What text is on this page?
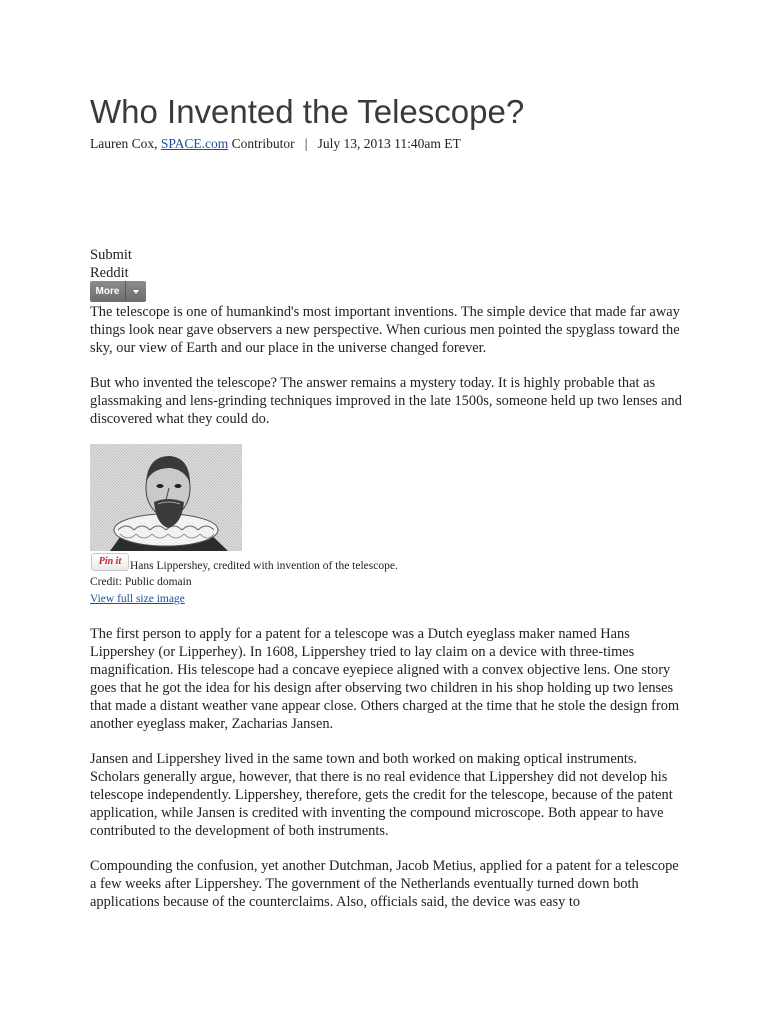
Who Invented the Telescope?
Lauren Cox, SPACE.com Contributor   |   July 13, 2013 11:40am ET
Submit
Reddit
More

The telescope is one of humankind's most important inventions. The simple device that made far away things look near gave observers a new perspective. When curious men pointed the spyglass toward the sky, our view of Earth and our place in the universe changed forever.

But who invented the telescope? The answer remains a mystery today. It is highly probable that as glassmaking and lens-grinding techniques improved in the late 1500s, someone held up two lenses and discovered what they could do.

Pin it Hans Lippershey, credited with invention of the telescope.
Credit: Public domain
View full size image

The first person to apply for a patent for a telescope was a Dutch eyeglass maker named Hans Lippershey (or Lipperhey). In 1608, Lippershey tried to lay claim on a device with three-times magnification. His telescope had a concave eyepiece aligned with a convex objective lens. One story goes that he got the idea for his design after observing two children in his shop holding up two lenses that made a distant weather vane appear close. Others charged at the time that he stole the design from another eyeglass maker, Zacharias Jansen.

Jansen and Lippershey lived in the same town and both worked on making optical instruments. Scholars generally argue, however, that there is no real evidence that Lippershey did not develop his telescope independently. Lippershey, therefore, gets the credit for the telescope, because of the patent application, while Jansen is credited with inventing the compound microscope. Both appear to have contributed to the development of both instruments.

Compounding the confusion, yet another Dutchman, Jacob Metius, applied for a patent for a telescope a few weeks after Lippershey. The government of the Netherlands eventually turned down both applications because of the counterclaims. Also, officials said, the device was easy to
